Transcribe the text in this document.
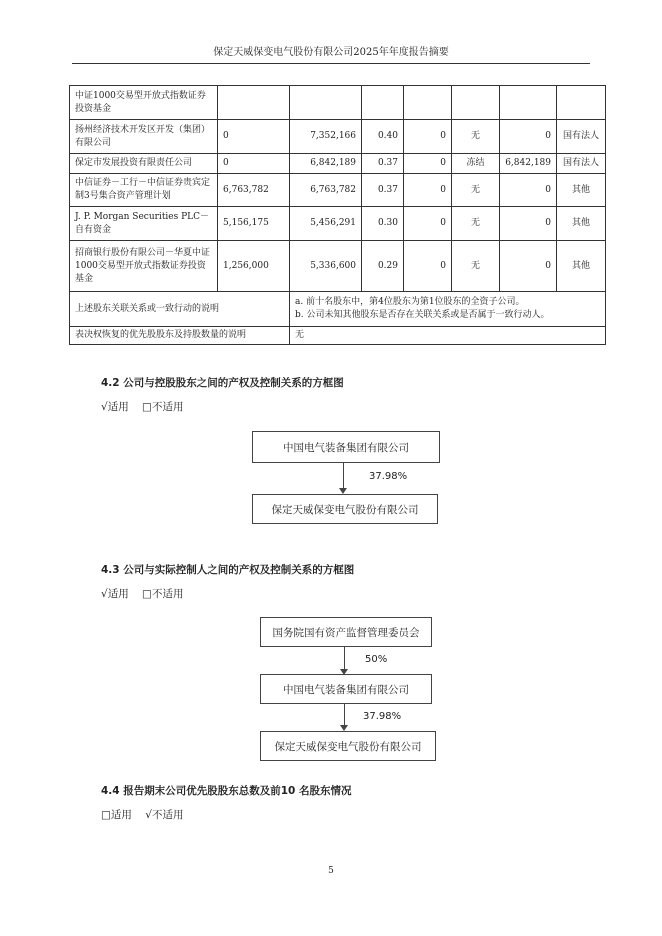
保定天威保变电气股份有限公司2025年年度报告摘要
中证1000交易型开放式指数证券投资基金							
扬州经济技术开发区开发（集团）有限公司	0	7,352,166	0.40	0	无	0	国有法人
保定市发展投资有限责任公司	0	6,842,189	0.37	0	冻结	6,842,189	国有法人
中信证券－工行－中信证券贵宾定制3号集合资产管理计划	6,763,782	6,763,782	0.37	0	无	0	其他
J. P. Morgan Securities PLC－自有资金	5,156,175	5,456,291	0.30	0	无	0	其他
招商银行股份有限公司－华夏中证1000交易型开放式指数证券投资基金	1,256,000	5,336,600	0.29	0	无	0	其他
上述股东关联关系或一致行动的说明		a. 前十名股东中，第4位股东为第1位股东的全资子公司。
b. 公司未知其他股东是否存在关联关系或是否属于一致行动人。					

表决权恢复的优先股股东及持股数量的说明		无					
4.2 公司与控股股东之间的产权及控制关系的方框图
√适用 □不适用
中国电气装备集团有限公司
37.98%
保定天威保变电气股份有限公司
4.3 公司与实际控制人之间的产权及控制关系的方框图
√适用 □不适用
国务院国有资产监督管理委员会
50%
中国电气装备集团有限公司
37.98%
保定天威保变电气股份有限公司
4.4 报告期末公司优先股股东总数及前10 名股东情况
□适用 √不适用
5
